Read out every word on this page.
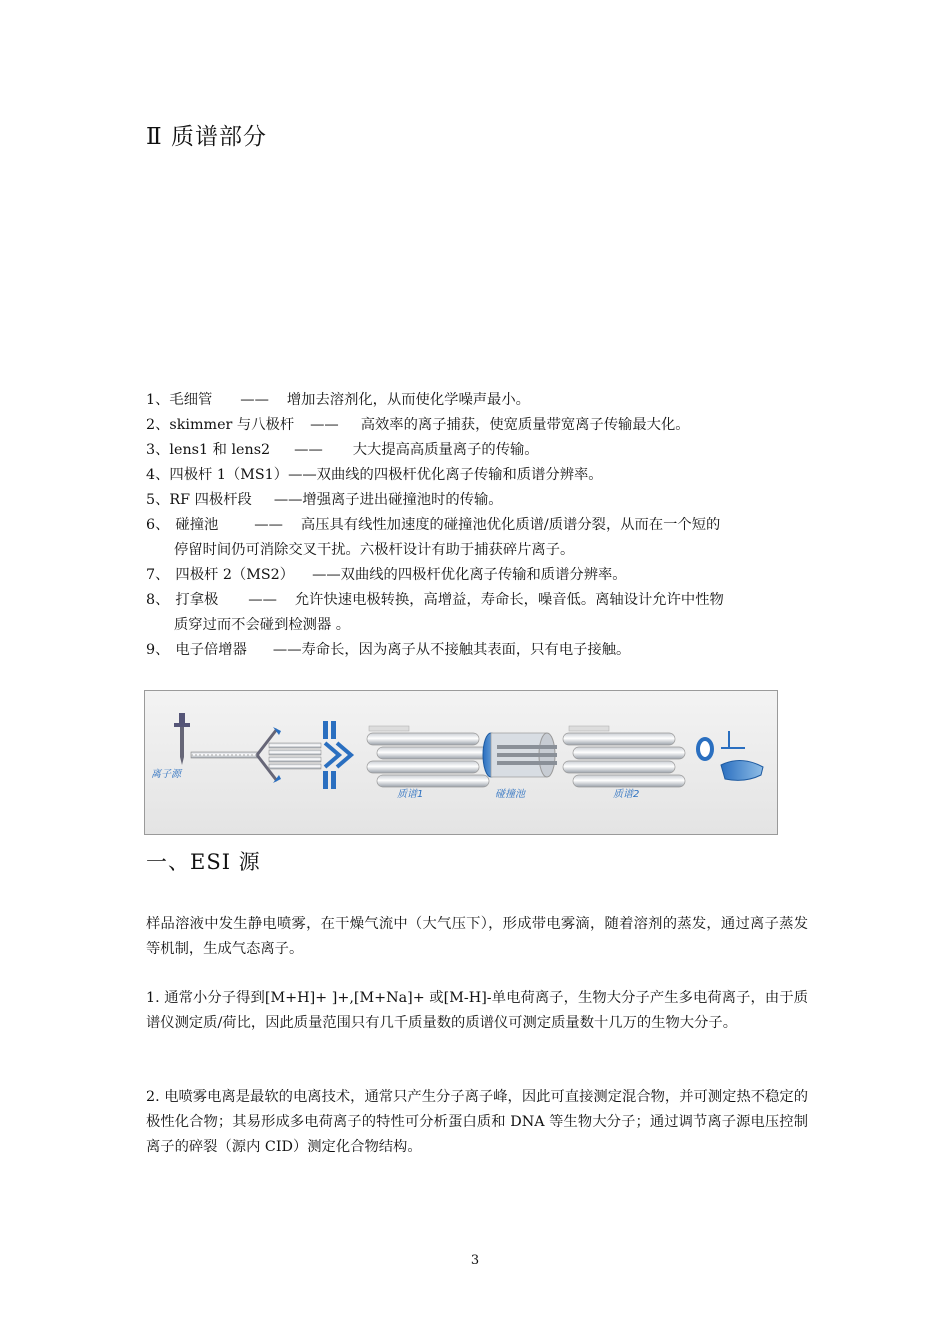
Ⅱ 质谱部分
1、毛细管 —— 增加去溶剂化，从而使化学噪声最小。
2、skimmer 与八极杆 —— 高效率的离子捕获，使宽质量带宽离子传输最大化。
3、lens1 和 lens2 —— 大大提高高质量离子的传输。
4、四极杆 1（MS1）——双曲线的四极杆优化离子传输和质谱分辨率。
5、RF 四极杆段 ——增强离子进出碰撞池时的传输。
6、 碰撞池	—— 高压具有线性加速度的碰撞池优化质谱/质谱分裂，从而在一个短的
停留时间仍可消除交叉干扰。六极杆设计有助于捕获碎片离子。
7、 四极杆 2（MS2） ——双曲线的四极杆优化离子传输和质谱分辨率。
8、 打拿极 —— 允许快速电极转换，高增益，寿命长，噪音低。离轴设计允许中性物
质穿过而不会碰到检测器 。
9、 电子倍增器 ——寿命长，因为离子从不接触其表面，只有电子接触。
离子源
质谱1	碰撞池	质谱2
一、ESI 源
样品溶液中发生静电喷雾，在干燥气流中（大气压下），形成带电雾滴，随着溶剂的蒸发，通过离子蒸发等机制，生成气态离子。
1. 通常小分子得到[M+H]+ ]+,[M+Na]+ 或[M-H]-单电荷离子，生物大分子产生多电荷离子，由于质谱仪测定质/荷比，因此质量范围只有几千质量数的质谱仪可测定质量数十几万的生物大分子。
2. 电喷雾电离是最软的电离技术，通常只产生分子离子峰，因此可直接测定混合物，并可测定热不稳定的极性化合物；其易形成多电荷离子的特性可分析蛋白质和 DNA 等生物大分子；通过调节离子源电压控制离子的碎裂（源内 CID）测定化合物结构。
3
